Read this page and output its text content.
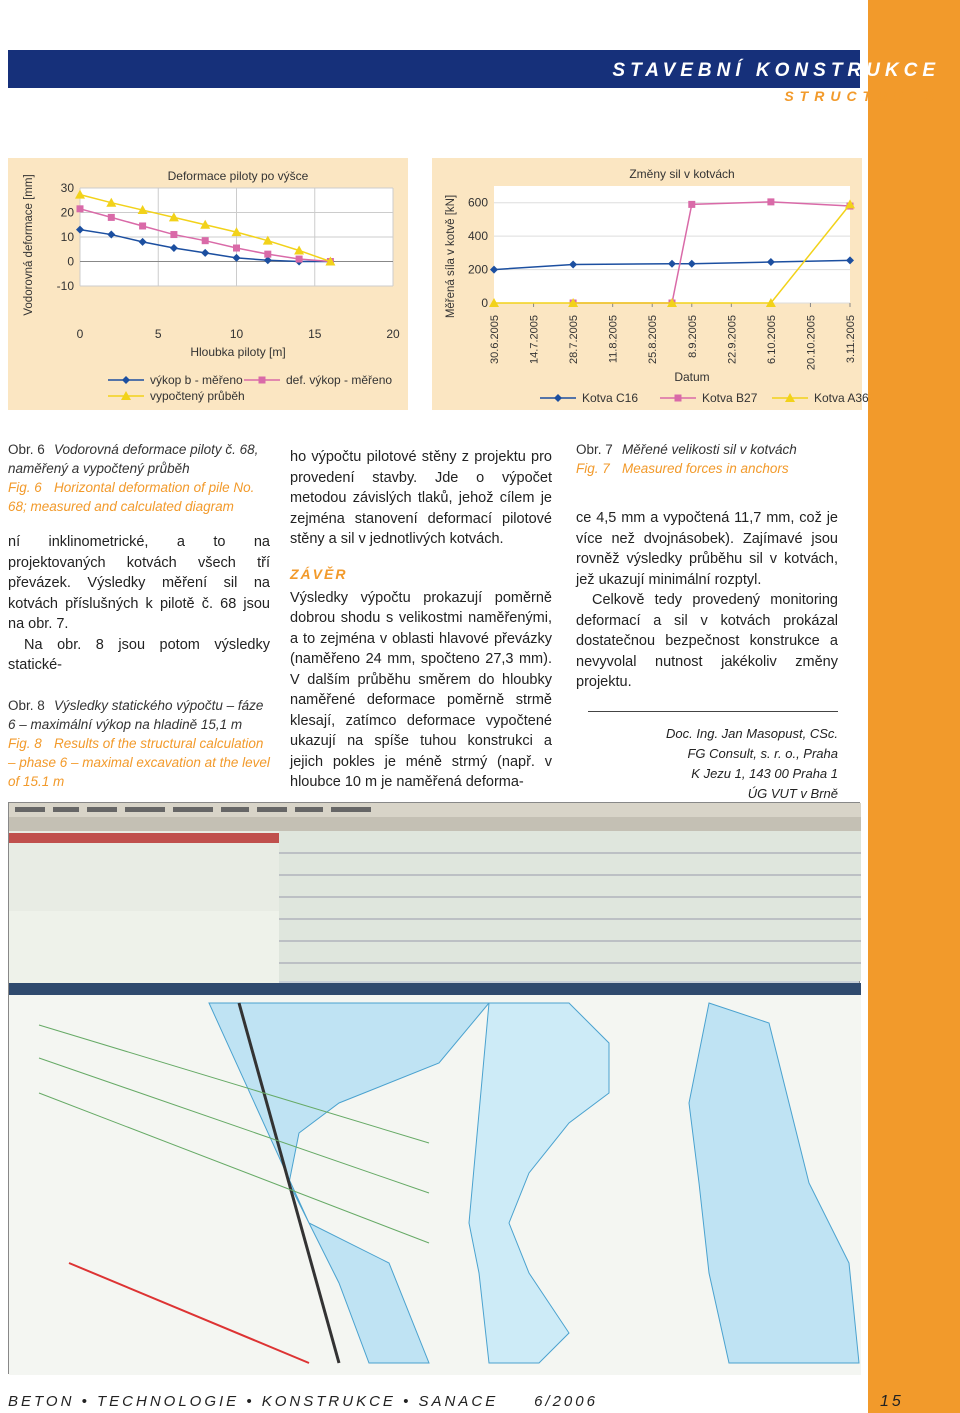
STAVEBNÍ KONSTRUKCE
STRUCTURES
30
20
10
0
-10
0	5	10	15	20
Deformace piloty po výšce
Hloubka piloty [m]
Vodorovná deformace [mm]
výkop b - měřeno	def. výkop - měřeno
vypočtený průběh
600
400
200
0
30.6.2005	14.7.2005	28.7.2005	11.8.2005	25.8.2005	8.9.2005	22.9.2005	6.10.2005	20.10.2005	3.11.2005
Změny sil v kotvách
Datum
Měřená síla v kotvě [kN]
Kotva C16	Kotva B27	Kotva A36
Obr. 6 Vodorovná deformace piloty č. 68, naměřený a vypočtený průběh
Fig. 6 Horizontal deformation of pile No. 68; measured and calculated diagram

ní inklinometrické, a to na projektovaných kotvách všech tří převázek. Výsledky měření sil na kotvách příslušných k pilotě č. 68 jsou na obr. 7.

Na obr. 8 jsou potom výsledky statické-

Obr. 8 Výsledky statického výpočtu – fáze 6 – maximální výkop na hladině 15,1 m
Fig. 8 Results of the structural calculation – phase 6 – maximal excavation at the level of 15.1 m

ho výpočtu pilotové stěny z projektu pro provedení stavby. Jde o výpočet metodou závislých tlaků, jehož cílem je zejména stanovení deformací pilotové stěny a sil v jednotlivých kotvách.

ZÁVĚR

Výsledky výpočtu prokazují poměrně dobrou shodu s velikostmi naměřenými, a to zejména v oblasti hlavové převázky (naměřeno 24 mm, spočteno 27,3 mm). V dalším průběhu směrem do hloubky naměřené deformace poměrně strmě klesají, zatímco deformace vypočtené ukazují na spíše tuhou konstrukci a jejich pokles je méně strmý (např. v hloubce 10 m je naměřená deforma-

Obr. 7 Měřené velikosti sil v kotvách
Fig. 7 Measured forces in anchors

ce 4,5 mm a vypočtená 11,7 mm, což je více než dvojnásobek). Zajímavé jsou rovněž výsledky průběhu sil v kotvách, jež ukazují minimální rozptyl.

Celkově tedy provedený monitoring deformací a sil v kotvách prokázal dostatečnou bezpečnost konstrukce a nevyvolal nutnost jakékoliv změny projektu.

Doc. Ing. Jan Masopust, CSc.
FG Consult, s. r. o., Praha
K Jezu 1, 143 00 Praha 1
ÚG VUT v Brně
BETON • TECHNOLOGIE • KONSTRUKCE • SANACE 6/2006	15
